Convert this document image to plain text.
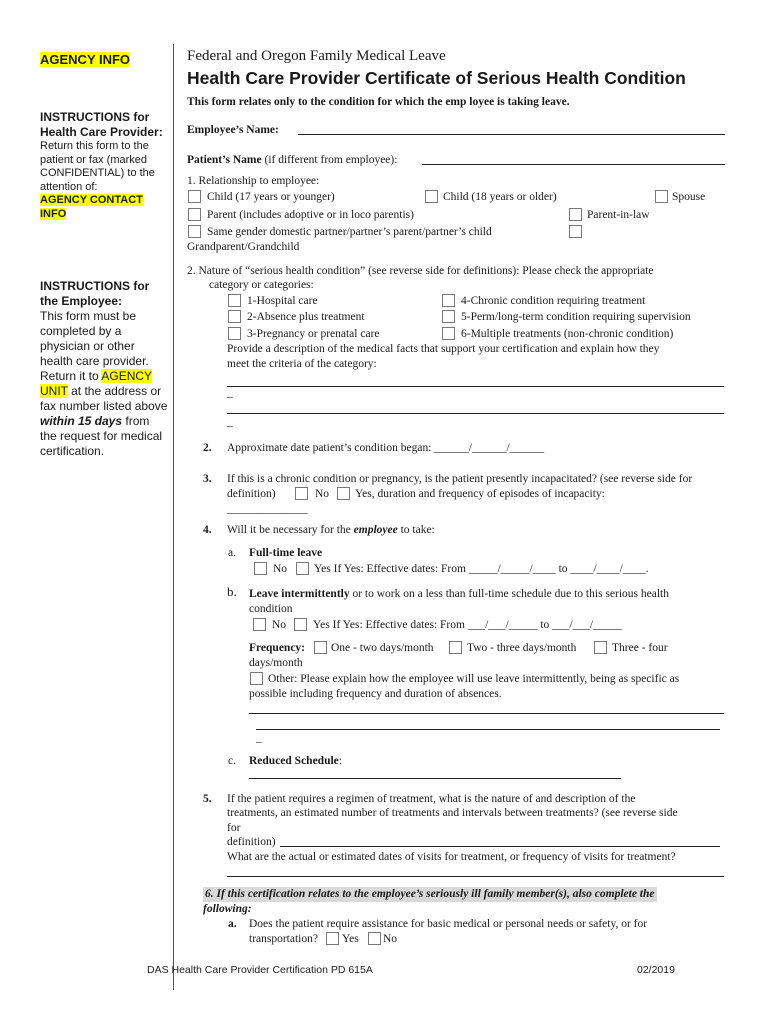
AGENCY INFO
INSTRUCTIONS for Health Care Provider:
Return this form to the patient or fax (marked CONFIDENTIAL) to the attention of:
AGENCY CONTACT INFO
INSTRUCTIONS for the Employee:
This form must be completed by a physician or other health care provider. Return it to AGENCY UNIT at the address or fax number listed above within 15 days from the request for medical certification.
Federal and Oregon Family Medical Leave
Health Care Provider Certificate of Serious Health Condition
This form relates only to the condition for which the emp loyee is taking leave.
Employee’s Name:
Patient’s Name (if different from employee):
1. Relationship to employee:
Child (17 years or younger)	Child (18 years or older)	Spouse
Parent (includes adoptive or in loco parentis)	Parent-in-law
Same gender domestic partner/partner’s parent/partner’s child
Grandparent/Grandchild
2. Nature of “serious health condition” (see reverse side for definitions): Please check the appropriate
category or categories:
1-Hospital care	4-Chronic condition requiring treatment
2-Absence plus treatment	5-Perm/long-term condition requiring supervision
3-Pregnancy or prenatal care	6-Multiple treatments (non-chronic condition)
Provide a description of the medical facts that support your certification and explain how they
meet the criteria of the category:
–
–
2. Approximate date patient’s condition began: ______/______/______
3. If this is a chronic condition or pregnancy, is the patient presently incapacitated? (see reverse side for
definition)	No Yes, duration and frequency of episodes of incapacity:
______________
4. Will it be necessary for the employee to take:
a. Full-time leave
No Yes If Yes: Effective dates: From _____/_____/____ to ____/____/____.
b. Leave intermittently or to work on a less than full-time schedule due to this serious health
condition
No Yes If Yes: Effective dates: From ___/___/_____ to ___/___/_____
Frequency: One - two days/month	Two - three days/month	Three - four
days/month
Other: Please explain how the employee will use leave intermittently, being as specific as
possible including frequency and duration of absences.
–
c. Reduced Schedule:
5. If the patient requires a regimen of treatment, what is the nature of and description of the
treatments, an estimated number of treatments and intervals between treatments? (see reverse side
for
definition)
What are the actual or estimated dates of visits for treatment, or frequency of visits for treatment?
6. If this certification relates to the employee’s seriously ill family member(s), also complete the
following:
a. Does the patient require assistance for basic medical or personal needs or safety, or for
transportation? Yes No
DAS Health Care Provider Certification PD 615A	02/2019
